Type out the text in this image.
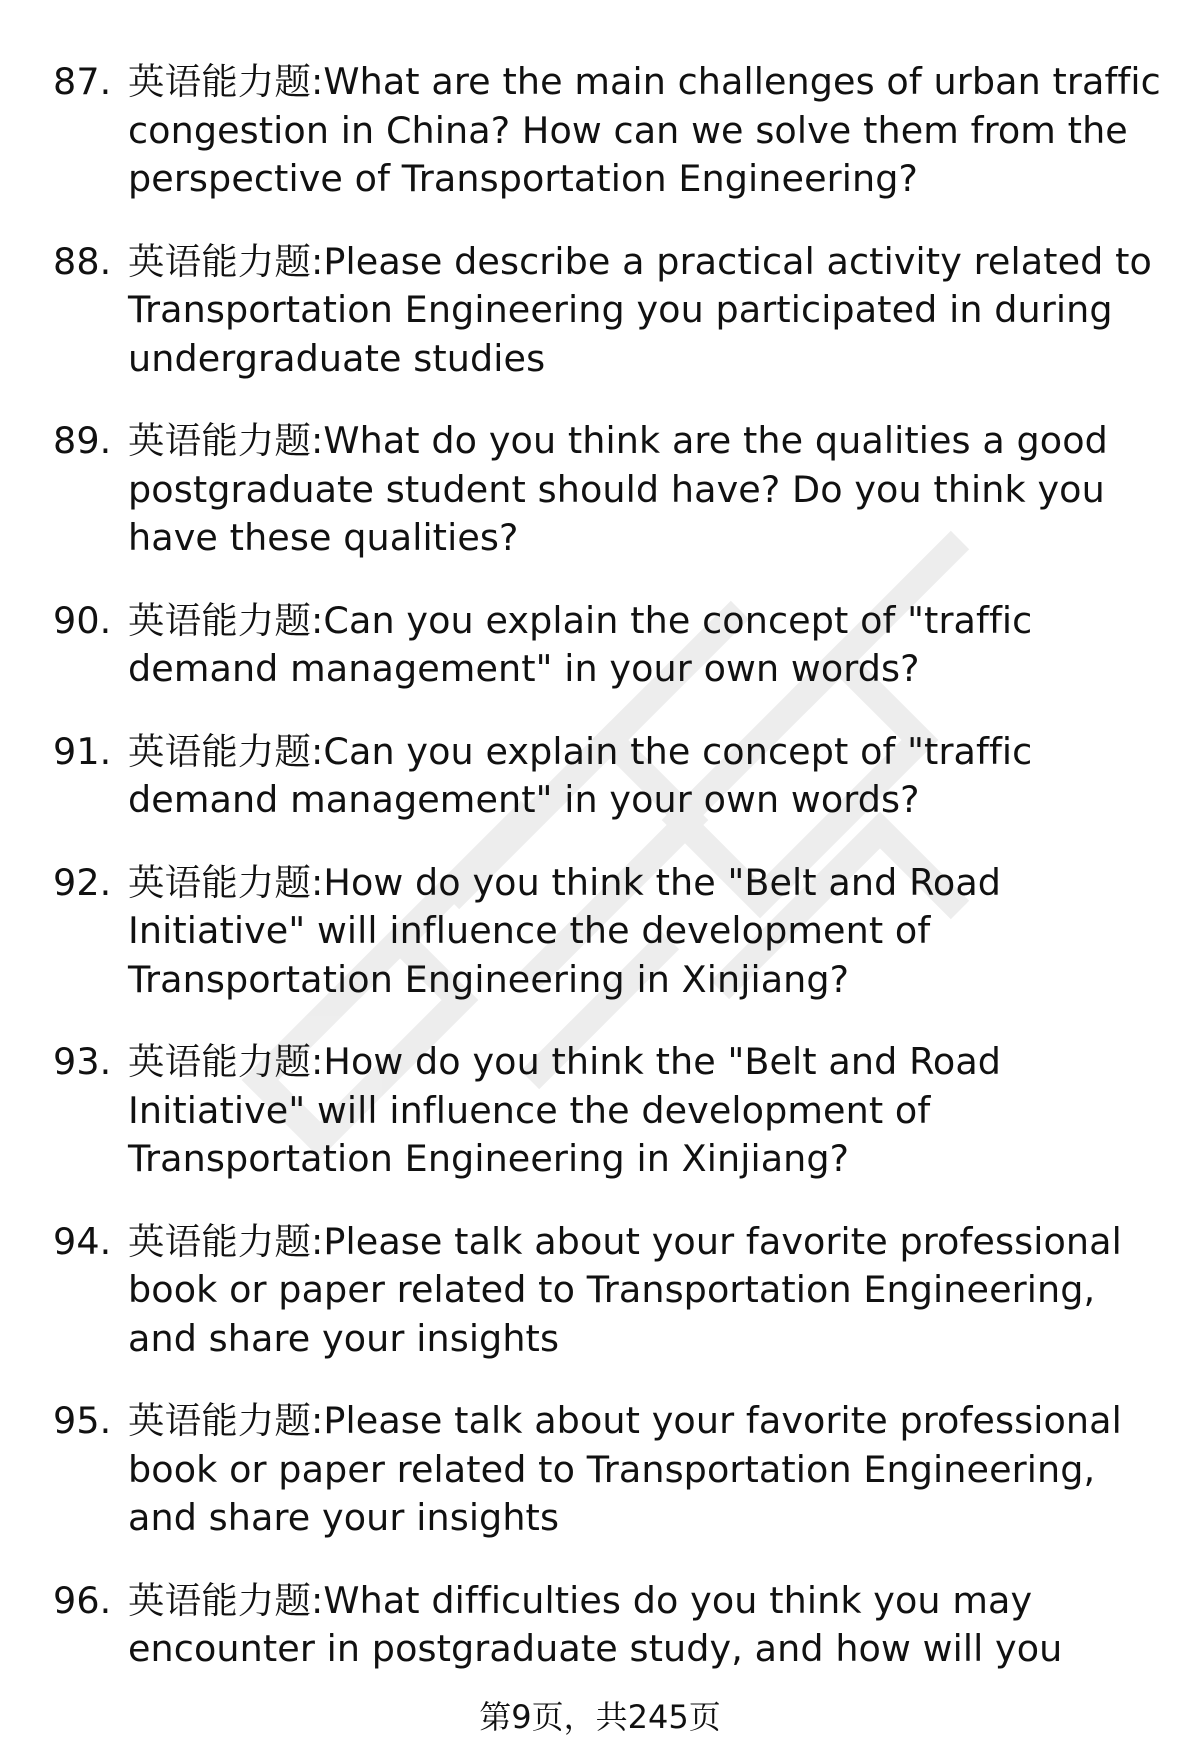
87. 英语能力题:What are the main challenges of urban traffic congestion in China? How can we solve them from the perspective of Transportation Engineering?
88. 英语能力题:Please describe a practical activity related to Transportation Engineering you participated in during undergraduate studies
89. 英语能力题:What do you think are the qualities a good postgraduate student should have? Do you think you have these qualities?
90. 英语能力题:Can you explain the concept of "traffic demand management" in your own words?
91. 英语能力题:Can you explain the concept of "traffic demand management" in your own words?
92. 英语能力题:How do you think the "Belt and Road Initiative" will influence the development of Transportation Engineering in Xinjiang?
93. 英语能力题:How do you think the "Belt and Road Initiative" will influence the development of Transportation Engineering in Xinjiang?
94. 英语能力题:Please talk about your favorite professional book or paper related to Transportation Engineering, and share your insights
95. 英语能力题:Please talk about your favorite professional book or paper related to Transportation Engineering, and share your insights
96. 英语能力题:What difficulties do you think you may encounter in postgraduate study, and how will you
第9页，共245页
